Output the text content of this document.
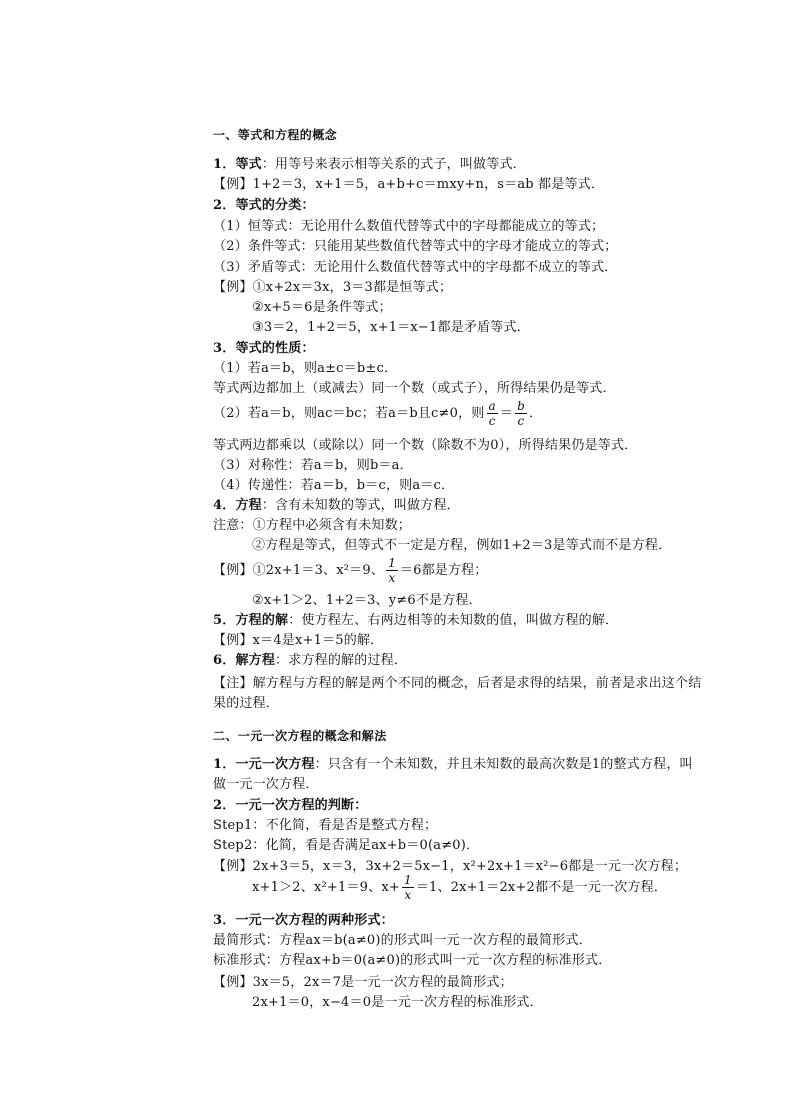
一、等式和方程的概念
1．等式：用等号来表示相等关系的式子，叫做等式．
【例】1+2＝3，x+1＝5，a+b+c＝mxy+n，s＝ab 都是等式．
2．等式的分类：
（1）恒等式：无论用什么数值代替等式中的字母都能成立的等式；
（2）条件等式：只能用某些数值代替等式中的字母才能成立的等式；
（3）矛盾等式：无论用什么数值代替等式中的字母都不成立的等式．
【例】①x+2x＝3x，3＝3都是恒等式；
②x+5＝6是条件等式；
③3＝2，1+2＝5，x+1＝x−1都是矛盾等式．
3．等式的性质：
（1）若a＝b，则a±c＝b±c．
等式两边都加上（或减去）同一个数（或式子），所得结果仍是等式．
（2）若a＝b，则ac＝bc；若a＝b且c≠0，则 $\frac{a}{c} = \frac{b}{c}$ ．
等式两边都乘以（或除以）同一个数（除数不为0），所得结果仍是等式．
（3）对称性：若a＝b，则b＝a．
（4）传递性：若a＝b，b＝c，则a＝c．
4．方程：含有未知数的等式，叫做方程．
注意：①方程中必须含有未知数；
②方程是等式，但等式不一定是方程，例如1+2＝3是等式而不是方程．
【例】①2x+1＝3、x²＝9、 $\frac{1}{x} =6$都是方程；
②x+1＞2、1+2＝3、y≠6不是方程．
5．方程的解：使方程左、右两边相等的未知数的值，叫做方程的解．
【例】x＝4是x+1＝5的解．
6．解方程：求方程的解的过程．
【注】解方程与方程的解是两个不同的概念，后者是求得的结果，前者是求出这个结
果的过程．
二、一元一次方程的概念和解法
1．一元一次方程：只含有一个未知数，并且未知数的最高次数是1的整式方程，叫
做一元一次方程．
2．一元一次方程的判断：
Step1：不化简，看是否是整式方程；
Step2：化简，看是否满足ax+b＝0(a≠0)．
【例】2x+3＝5，x＝3，3x+2＝5x−1，x²+2x+1＝x²−6都是一元一次方程；
x+1＞2、x²+1＝9、$x+ \frac{1}{x} =1$、2x+1＝2x+2都不是一元一次方程．
3．一元一次方程的两种形式：
最简形式：方程ax＝b(a≠0)的形式叫一元一次方程的最简形式．
标准形式：方程ax+b＝0(a≠0)的形式叫一元一次方程的标准形式．
【例】3x＝5，2x＝7是一元一次方程的最简形式；
2x+1＝0，x−4＝0是一元一次方程的标准形式．
